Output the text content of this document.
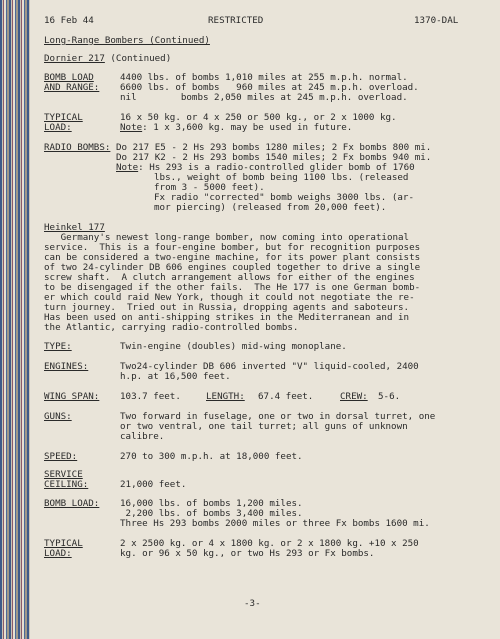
16 Feb 44	RESTRICTED	1370-DAL
Long-Range Bombers (Continued)
Dornier 217 (Continued)
BOMB LOAD
AND RANGE:
4400 lbs. of bombs 1,010 miles at 255 m.p.h. normal.
6600 lbs. of bombs   960 miles at 245 m.p.h. overload.
nil        bombs 2,050 miles at 245 m.p.h. overload.
TYPICAL
LOAD:
16 x 50 kg. or 4 x 250 or 500 kg., or 2 x 1000 kg.
Note: 1 x 3,600 kg. may be used in future.
RADIO BOMBS: Do 217 E5 - 2 Hs 293 bombs 1280 miles; 2 Fx bombs 800 mi.
Do 217 K2 - 2 Hs 293 bombs 1540 miles; 2 Fx bombs 940 mi.
Note: Hs 293 is a radio-controlled glider bomb of 1760
lbs., weight of bomb being 1100 lbs. (released
from 3 - 5000 feet).
Fx radio "corrected" bomb weighs 3000 lbs. (ar-
mor piercing) (released from 20,000 feet).
Heinkel 177
Germany's newest long-range bomber, now coming into operational
service.  This is a four-engine bomber, but for recognition purposes
can be considered a two-engine machine, for its power plant consists
of two 24-cylinder DB 606 engines coupled together to drive a single
screw shaft.  A clutch arrangement allows for either of the engines
to be disengaged if the other fails.  The He 177 is one German bomb-
er which could raid New York, though it could not negotiate the re-
turn journey.  Tried out in Russia, dropping agents and saboteurs.
Has been used on anti-shipping strikes in the Mediterranean and in
the Atlantic, carrying radio-controlled bombs.
TYPE:	Twin-engine (doubles) mid-wing monoplane.
ENGINES:	Two24-cylinder DB 606 inverted "V" liquid-cooled, 2400
h.p. at 16,500 feet.
WING SPAN: 103.7 feet.	LENGTH: 67.4 feet.	CREW: 5-6.
GUNS:	Two forward in fuselage, one or two in dorsal turret, one
or two ventral, one tail turret; all guns of unknown
calibre.
SPEED:	270 to 300 m.p.h. at 18,000 feet.
SERVICE
CEILING:	21,000 feet.
BOMB LOAD: 16,000 lbs. of bombs 1,200 miles.
2,200 lbs. of bombs 3,400 miles.
Three Hs 293 bombs 2000 miles or three Fx bombs 1600 mi.
TYPICAL
LOAD:
2 x 2500 kg. or 4 x 1800 kg. or 2 x 1800 kg. +10 x 250
kg. or 96 x 50 kg., or two Hs 293 or Fx bombs.
-3-
